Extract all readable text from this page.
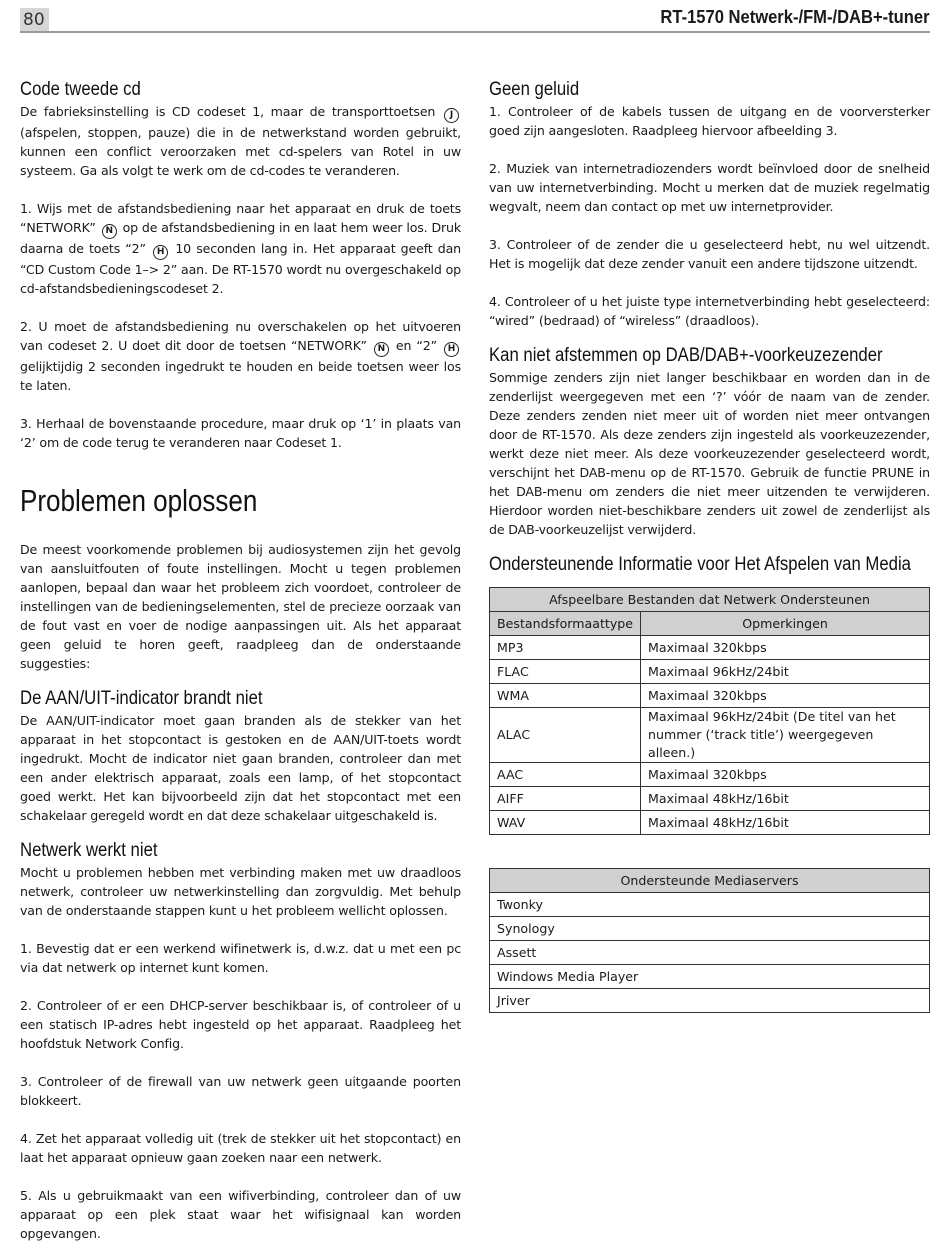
80	RT-1570 Netwerk-/FM-/DAB+-tuner
Code tweede cd

De fabrieksinstelling is CD codeset 1, maar de transporttoetsen J (afspelen, stoppen, pauze) die in de netwerkstand worden gebruikt, kunnen een conflict veroorzaken met cd-spelers van Rotel in uw systeem. Ga als volgt te werk om de cd-codes te veranderen.

1. Wijs met de afstandsbediening naar het apparaat en druk de toets “NETWORK” N op de afstandsbediening in en laat hem weer los. Druk daarna de toets “2” H 10 seconden lang in. Het apparaat geeft dan “CD Custom Code 1–> 2” aan. De RT-1570 wordt nu overgeschakeld op cd-afstandsbedieningscodeset 2.

2. U moet de afstandsbediening nu overschakelen op het uitvoeren van codeset 2. U doet dit door de toetsen “NETWORK” N en “2” H gelijktijdig 2 seconden ingedrukt te houden en beide toetsen weer los te laten.

3. Herhaal de bovenstaande procedure, maar druk op ‘1’ in plaats van ‘2’ om de code terug te veranderen naar Codeset 1.

Problemen oplossen

De meest voorkomende problemen bij audiosystemen zijn het gevolg van aansluitfouten of foute instellingen. Mocht u tegen problemen aanlopen, bepaal dan waar het probleem zich voordoet, controleer de instellingen van de bedieningselementen, stel de precieze oorzaak van de fout vast en voer de nodige aanpassingen uit. Als het apparaat geen geluid te horen geeft, raadpleeg dan de onderstaande suggesties:

De AAN/UIT-indicator brandt niet

De AAN/UIT-indicator moet gaan branden als de stekker van het apparaat in het stopcontact is gestoken en de AAN/UIT-toets wordt ingedrukt. Mocht de indicator niet gaan branden, controleer dan met een ander elektrisch apparaat, zoals een lamp, of het stopcontact goed werkt. Het kan bijvoorbeeld zijn dat het stopcontact met een schakelaar geregeld wordt en dat deze schakelaar uitgeschakeld is.

Netwerk werkt niet

Mocht u problemen hebben met verbinding maken met uw draadloos netwerk, controleer uw netwerkinstelling dan zorgvuldig. Met behulp van de onderstaande stappen kunt u het probleem wellicht oplossen.

1. Bevestig dat er een werkend wifinetwerk is, d.w.z. dat u met een pc via dat netwerk op internet kunt komen.

2. Controleer of er een DHCP-server beschikbaar is, of controleer of u een statisch IP-adres hebt ingesteld op het apparaat. Raadpleeg het hoofdstuk Network Config.

3. Controleer of de firewall van uw netwerk geen uitgaande poorten blokkeert.

4. Zet het apparaat volledig uit (trek de stekker uit het stopcontact) en laat het apparaat opnieuw gaan zoeken naar een netwerk.

5. Als u gebruikmaakt van een wifiverbinding, controleer dan of uw apparaat op een plek staat waar het wifisignaal kan worden opgevangen.

Geen geluid

1. Controleer of de kabels tussen de uitgang en de voorversterker goed zijn aangesloten. Raadpleeg hiervoor afbeelding 3.

2. Muziek van internetradiozenders wordt beïnvloed door de snelheid van uw internetverbinding. Mocht u merken dat de muziek regelmatig wegvalt, neem dan contact op met uw internetprovider.

3. Controleer of de zender die u geselecteerd hebt, nu wel uitzendt. Het is mogelijk dat deze zender vanuit een andere tijdszone uitzendt.

4. Controleer of u het juiste type internetverbinding hebt geselecteerd: “wired” (bedraad) of “wireless” (draadloos).

Kan niet afstemmen op DAB/DAB+-voorkeuzezender

Sommige zenders zijn niet langer beschikbaar en worden dan in de zenderlijst weergegeven met een ‘?’ vóór de naam van de zender. Deze zenders zenden niet meer uit of worden niet meer ontvangen door de RT-1570. Als deze zenders zijn ingesteld als voorkeuzezender, werkt deze niet meer. Als deze voorkeuzezender geselecteerd wordt, verschijnt het DAB-menu op de RT-1570. Gebruik de functie PRUNE in het DAB-menu om zenders die niet meer uitzenden te verwijderen. Hierdoor worden niet-beschikbare zenders uit zowel de zenderlijst als de DAB-voorkeuzelijst verwijderd.

Ondersteunende Informatie voor Het Afspelen van Media
Afspeelbare Bestanden dat Netwerk Ondersteunen	
Bestandsformaattype	Opmerkingen
MP3	Maximaal 320kbps
FLAC	Maximaal 96kHz/24bit
WMA	Maximaal 320kbps
ALAC	Maximaal 96kHz/24bit (De titel van het nummer (‘track title’) weergegeven alleen.)
AAC	Maximaal 320kbps
AIFF	Maximaal 48kHz/16bit
WAV	Maximaal 48kHz/16bit
Ondersteunde Mediaservers
Twonky
Synology
Assett
Windows Media Player
Jriver
